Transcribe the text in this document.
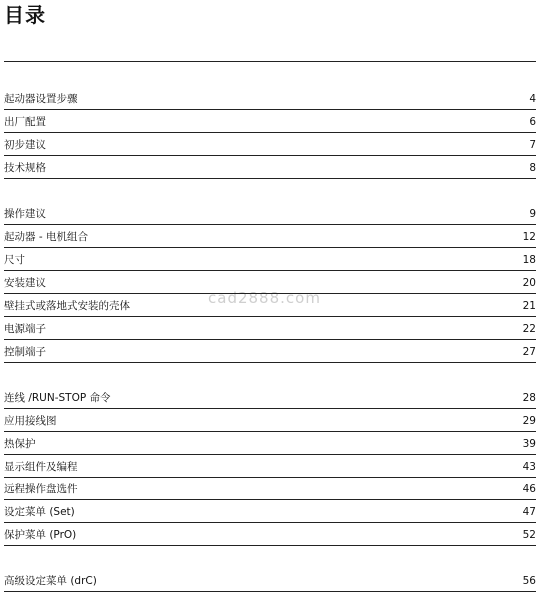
目录
cad2888.com
起动器设置步骤	4
出厂配置	6
初步建议	7
技术规格	8
操作建议	9
起动器 - 电机组合	12
尺寸	18
安装建议	20
壁挂式或落地式安装的壳体	21
电源端子	22
控制端子	27
连线 /RUN-STOP 命令	28
应用接线图	29
热保护	39
显示组件及编程	43
远程操作盘选件	46
设定菜单 (Set)	47
保护菜单 (PrO)	52
高级设定菜单 (drC)	56
